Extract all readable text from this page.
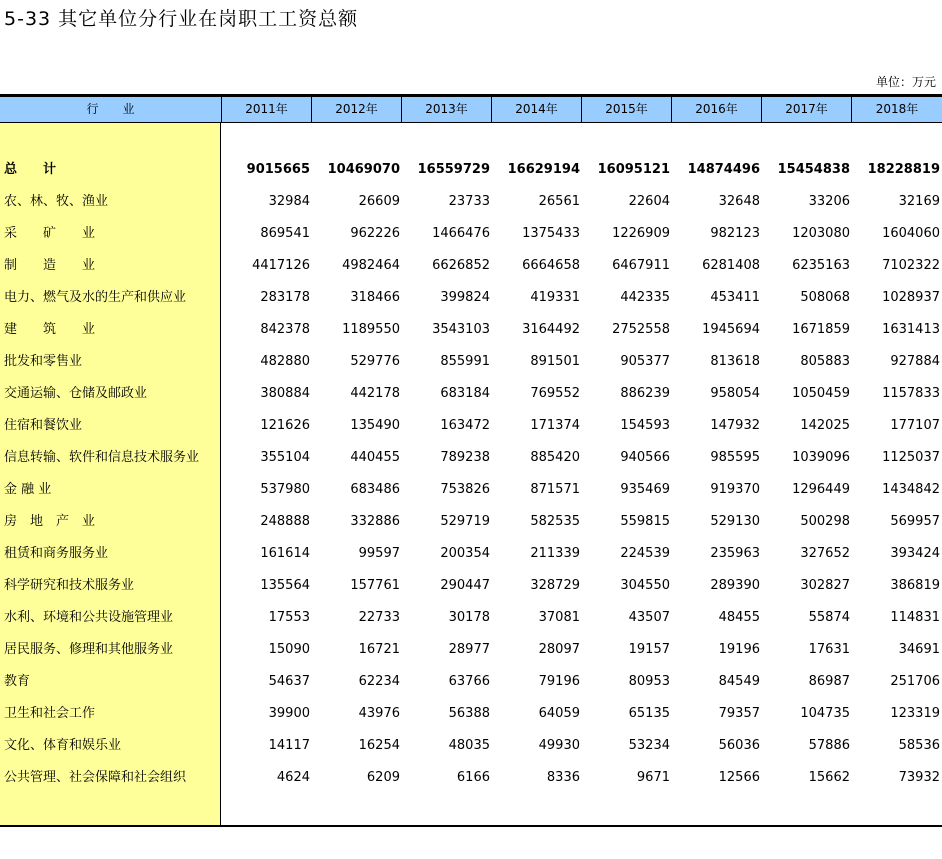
5-33 其它单位分行业在岗职工工资总额
单位：万元
行　　业	2011年	2012年	2013年	2014年	2015年	2016年	2017年	2018年
总　　计	9015665	10469070	16559729	16629194	16095121	14874496	15454838	18228819
农、林、牧、渔业	32984	26609	23733	26561	22604	32648	33206	32169
采　　矿　　业	869541	962226	1466476	1375433	1226909	982123	1203080	1604060
制　　造　　业	4417126	4982464	6626852	6664658	6467911	6281408	6235163	7102322
电力、燃气及水的生产和供应业	283178	318466	399824	419331	442335	453411	508068	1028937
建　　筑　　业	842378	1189550	3543103	3164492	2752558	1945694	1671859	1631413
批发和零售业	482880	529776	855991	891501	905377	813618	805883	927884
交通运输、仓储及邮政业	380884	442178	683184	769552	886239	958054	1050459	1157833
住宿和餐饮业	121626	135490	163472	171374	154593	147932	142025	177107
信息转输、软件和信息技术服务业	355104	440455	789238	885420	940566	985595	1039096	1125037
金 融 业	537980	683486	753826	871571	935469	919370	1296449	1434842
房　地　产　业	248888	332886	529719	582535	559815	529130	500298	569957
租赁和商务服务业	161614	99597	200354	211339	224539	235963	327652	393424
科学研究和技术服务业	135564	157761	290447	328729	304550	289390	302827	386819
水利、环境和公共设施管理业	17553	22733	30178	37081	43507	48455	55874	114831
居民服务、修理和其他服务业	15090	16721	28977	28097	19157	19196	17631	34691
教育	54637	62234	63766	79196	80953	84549	86987	251706
卫生和社会工作	39900	43976	56388	64059	65135	79357	104735	123319
文化、体育和娱乐业	14117	16254	48035	49930	53234	56036	57886	58536
公共管理、社会保障和社会组织	4624	6209	6166	8336	9671	12566	15662	73932
